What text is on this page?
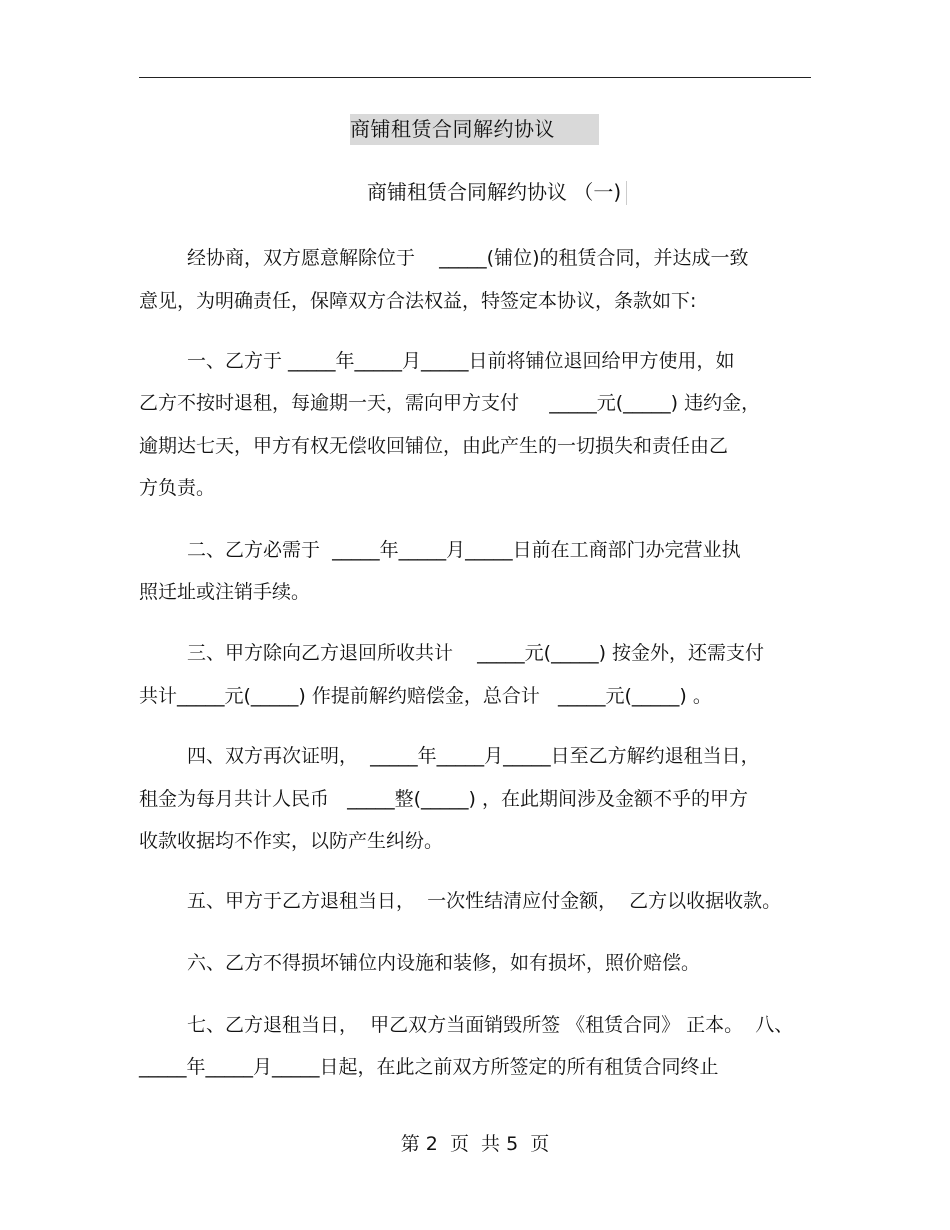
商铺租赁合同解约协议
商铺租赁合同解约协议 （一)
经协商，双方愿意解除位于    _____(铺位)的租赁合同，并达成一致
意见，为明确责任，保障双方合法权益，特签定本协议，条款如下:
一、乙方于 _____年_____月_____日前将铺位退回给甲方使用，如
乙方不按时退租，每逾期一天，需向甲方支付     _____元(_____) 违约金，
逾期达七天，甲方有权无偿收回铺位，由此产生的一切损失和责任由乙
方负责。
二、乙方必需于  _____年_____月_____日前在工商部门办完营业执
照迁址或注销手续。
三、甲方除向乙方退回所收共计    _____元(_____) 按金外，还需支付
共计_____元(_____) 作提前解约赔偿金，总合计   _____元(_____) 。
四、双方再次证明，  _____年_____月_____日至乙方解约退租当日，
租金为每月共计人民币   _____整(_____) ，在此期间涉及金额不乎的甲方
收款收据均不作实，以防产生纠纷。
五、甲方于乙方退租当日，  一次性结清应付金额，  乙方以收据收款。
六、乙方不得损坏铺位内设施和装修，如有损坏，照价赔偿。
七、乙方退租当日，  甲乙双方当面销毁所签 《租赁合同》 正本。  八、
_____年_____月_____日起，在此之前双方所签定的所有租赁合同终止
第 2  页  共 5  页
